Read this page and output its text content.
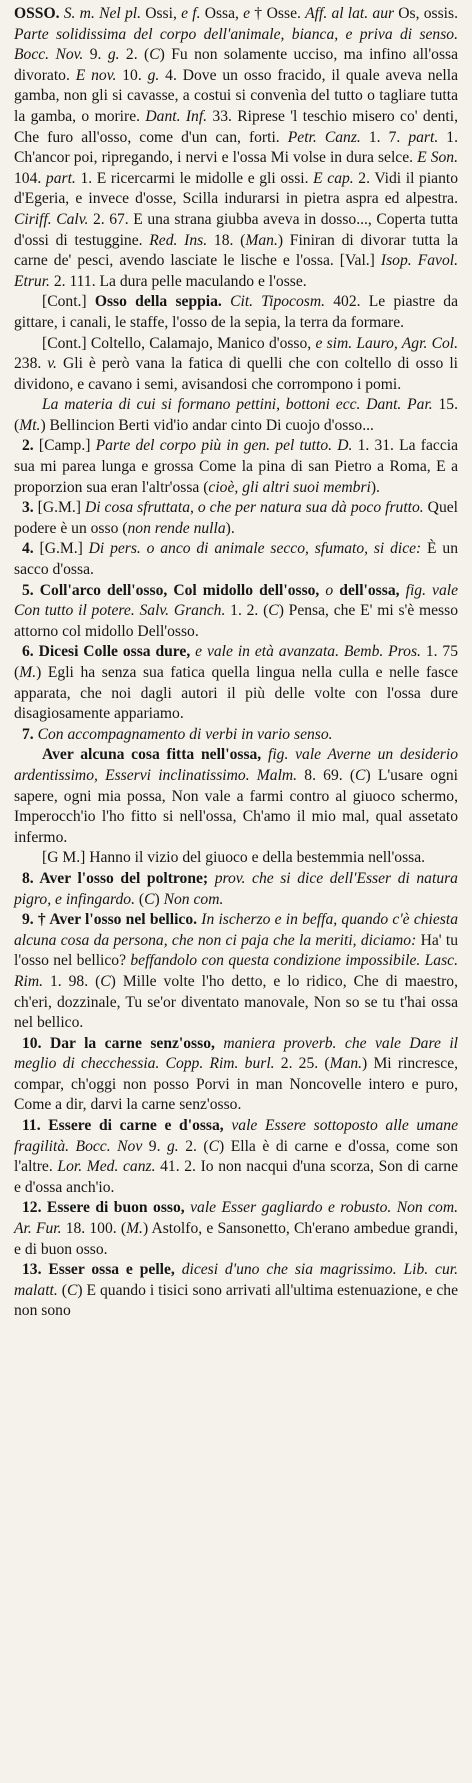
OSSO. S. m. Nel pl. Ossi, e f. Ossa, e † Osse. Aff. al lat. aur Os, ossis. Parte solidissima del corpo dell'animale, bianca, e priva di senso. Bocc. Nov. 9. g. 2. (C) Fu non solamente ucciso, ma infino all'ossa divorato. E nov. 10. g. 4. Dove un osso fracido, il quale aveva nella gamba, non gli si cavasse, a costui si convenìa del tutto o tagliare tutta la gamba, o morire. Dant. Inf. 33. Riprese 'l teschio misero co' denti, Che furo all'osso, come d'un can, forti. Petr. Canz. 1. 7. part. 1. Ch'ancor poi, ripregando, i nervi e l'ossa Mi volse in dura selce. E Son. 104. part. 1. E ricercarmi le midolle e gli ossi. E cap. 2. Vidi il pianto d'Egeria, e invece d'osse, Scilla indurarsi in pietra aspra ed alpestra. Ciriff. Calv. 2. 67. E una strana giubba aveva in dosso..., Coperta tutta d'ossi di testuggine. Red. Ins. 18. (Man.) Finiran di divorar tutta la carne de' pesci, avendo lasciate le lische e l'ossa. [Val.] Isop. Favol. Etrur. 2. 111. La dura pelle maculando e l'osse.

[Cont.] Osso della seppia. Cit. Tipocosm. 402. Le piastre da gittare, i canali, le staffe, l'osso de la sepia, la terra da formare.

[Cont.] Coltello, Calamajo, Manico d'osso, e sim. Lauro, Agr. Col. 238. v. Gli è però vana la fatica di quelli che con coltello di osso li dividono, e cavano i semi, avisandosi che corrompono i pomi.

La materia di cui si formano pettini, bottoni ecc. Dant. Par. 15. (Mt.) Bellincion Berti vid'io andar cinto Di cuojo d'osso...

2. [Camp.] Parte del corpo più in gen. pel tutto. D. 1. 31. La faccia sua mi parea lunga e grossa Come la pina di san Pietro a Roma, E a proporzion sua eran l'altr'ossa (cioè, gli altri suoi membri).

3. [G.M.] Di cosa sfruttata, o che per natura sua dà poco frutto. Quel podere è un osso (non rende nulla).

4. [G.M.] Di pers. o anco di animale secco, sfumato, si dice: È un sacco d'ossa.

5. Coll'arco dell'osso, Col midollo dell'osso, o dell'ossa, fig. vale Con tutto il potere. Salv. Granch. 1. 2. (C) Pensa, che E' mi s'è messo attorno col midollo Dell'osso.

6. Dicesi Colle ossa dure, e vale in età avanzata. Bemb. Pros. 1. 75 (M.) Egli ha senza sua fatica quella lingua nella culla e nelle fasce apparata, che noi dagli autori il più delle volte con l'ossa dure disagiosamente appariamo.

7. Con accompagnamento di verbi in vario senso.

Aver alcuna cosa fitta nell'ossa, fig. vale Averne un desiderio ardentissimo, Esservi inclinatissimo. Malm. 8. 69. (C) L'usare ogni sapere, ogni mia possa, Non vale a farmi contro al giuoco schermo, Imperocch'io l'ho fitto si nell'ossa, Ch'amo il mio mal, qual assetato infermo.

[G M.] Hanno il vizio del giuoco e della bestemmia nell'ossa.

8. Aver l'osso del poltrone; prov. che si dice dell'Esser di natura pigro, e infingardo. (C) Non com.

9. † Aver l'osso nel bellico. In ischerzo e in beffa, quando c'è chiesta alcuna cosa da persona, che non ci paja che la meriti, diciamo: Ha' tu l'osso nel bellico? beffandolo con questa condizione impossibile. Lasc. Rim. 1. 98. (C) Mille volte l'ho detto, e lo ridico, Che di maestro, ch'eri, dozzinale, Tu se'or diventato manovale, Non so se tu t'hai ossa nel bellico.

10. Dar la carne senz'osso, maniera proverb. che vale Dare il meglio di checchessia. Copp. Rim. burl. 2. 25. (Man.) Mi rincresce, compar, ch'oggi non posso Porvi in man Noncovelle intero e puro, Come a dir, darvi la carne senz'osso.

11. Essere di carne e d'ossa, vale Essere sottoposto alle umane fragilità. Bocc. Nov 9. g. 2. (C) Ella è di carne e d'ossa, come son l'altre. Lor. Med. canz. 41. 2. Io non nacqui d'una scorza, Son di carne e d'ossa anch'io.

12. Essere di buon osso, vale Esser gagliardo e robusto. Non com. Ar. Fur. 18. 100. (M.) Astolfo, e Sansonetto, Ch'erano ambedue grandi, e di buon osso.

13. Esser ossa e pelle, dicesi d'uno che sia magrissimo. Lib. cur. malatt. (C) E quando i tisici sono arrivati all'ultima estenuazione, e che non sono
